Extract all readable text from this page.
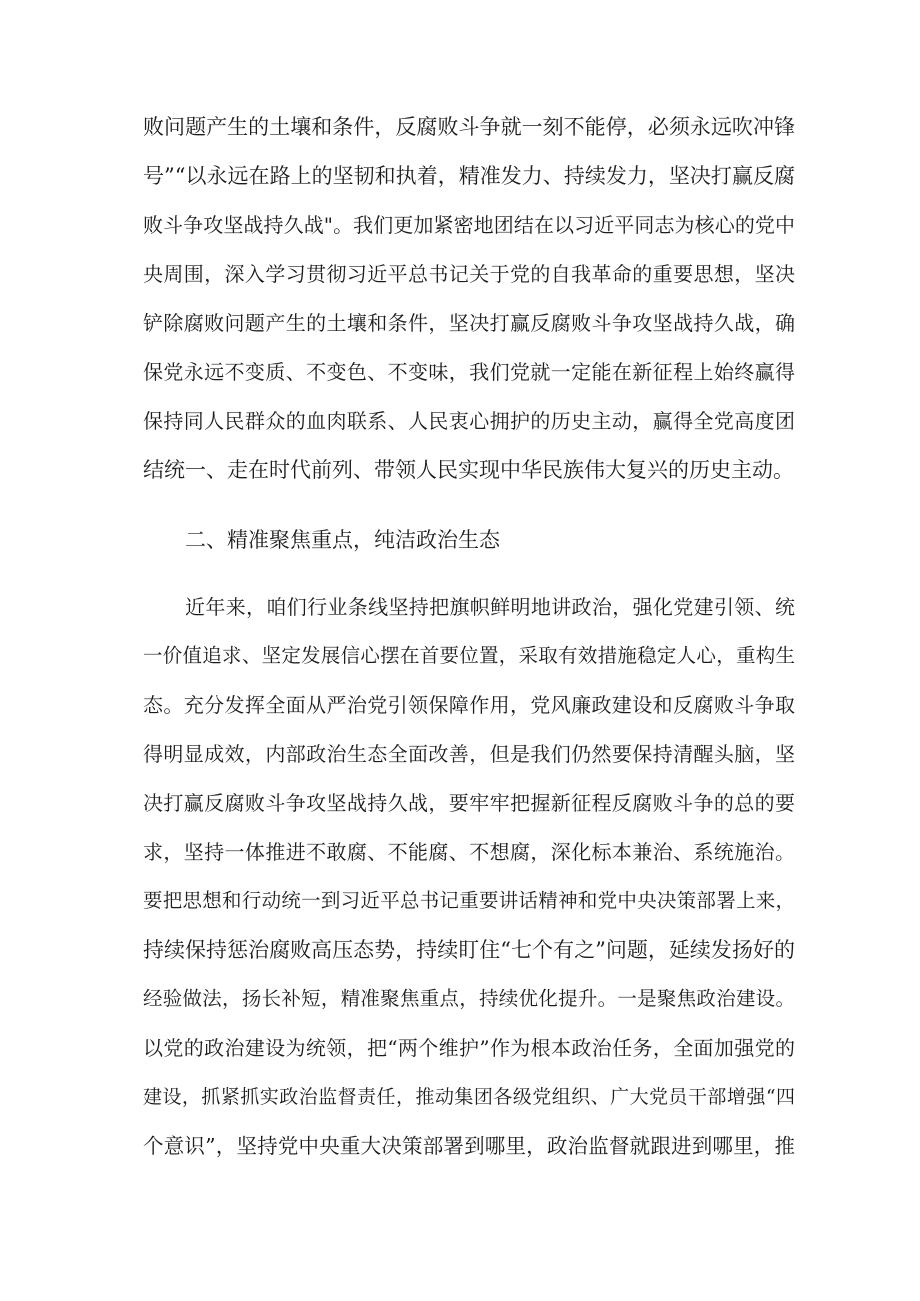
败问题产生的土壤和条件，反腐败斗争就一刻不能停，必须永远吹冲锋
号”“以永远在路上的坚韧和执着，精准发力、持续发力，坚决打赢反腐
败斗争攻坚战持久战"。我们更加紧密地团结在以习近平同志为核心的党中
央周围，深入学习贯彻习近平总书记关于党的自我革命的重要思想，坚决
铲除腐败问题产生的土壤和条件，坚决打赢反腐败斗争攻坚战持久战，确
保党永远不变质、不变色、不变味，我们党就一定能在新征程上始终赢得
保持同人民群众的血肉联系、人民衷心拥护的历史主动，赢得全党高度团
结统一、走在时代前列、带领人民实现中华民族伟大复兴的历史主动。
二、精准聚焦重点，纯洁政治生态
近年来，咱们行业条线坚持把旗帜鲜明地讲政治，强化党建引领、统
一价值追求、坚定发展信心摆在首要位置，采取有效措施稳定人心，重构生
态。充分发挥全面从严治党引领保障作用，党风廉政建设和反腐败斗争取
得明显成效，内部政治生态全面改善，但是我们仍然要保持清醒头脑，坚
决打赢反腐败斗争攻坚战持久战，要牢牢把握新征程反腐败斗争的总的要
求，坚持一体推进不敢腐、不能腐、不想腐，深化标本兼治、系统施治。
要把思想和行动统一到习近平总书记重要讲话精神和党中央决策部署上来，
持续保持惩治腐败高压态势，持续盯住“七个有之”问题，延续发扬好的
经验做法，扬长补短，精准聚焦重点，持续优化提升。一是聚焦政治建设。
以党的政治建设为统领，把“两个维护”作为根本政治任务，全面加强党的
建设，抓紧抓实政治监督责任，推动集团各级党组织、广大党员干部增强“四
个意识”，坚持党中央重大决策部署到哪里，政治监督就跟进到哪里，推
